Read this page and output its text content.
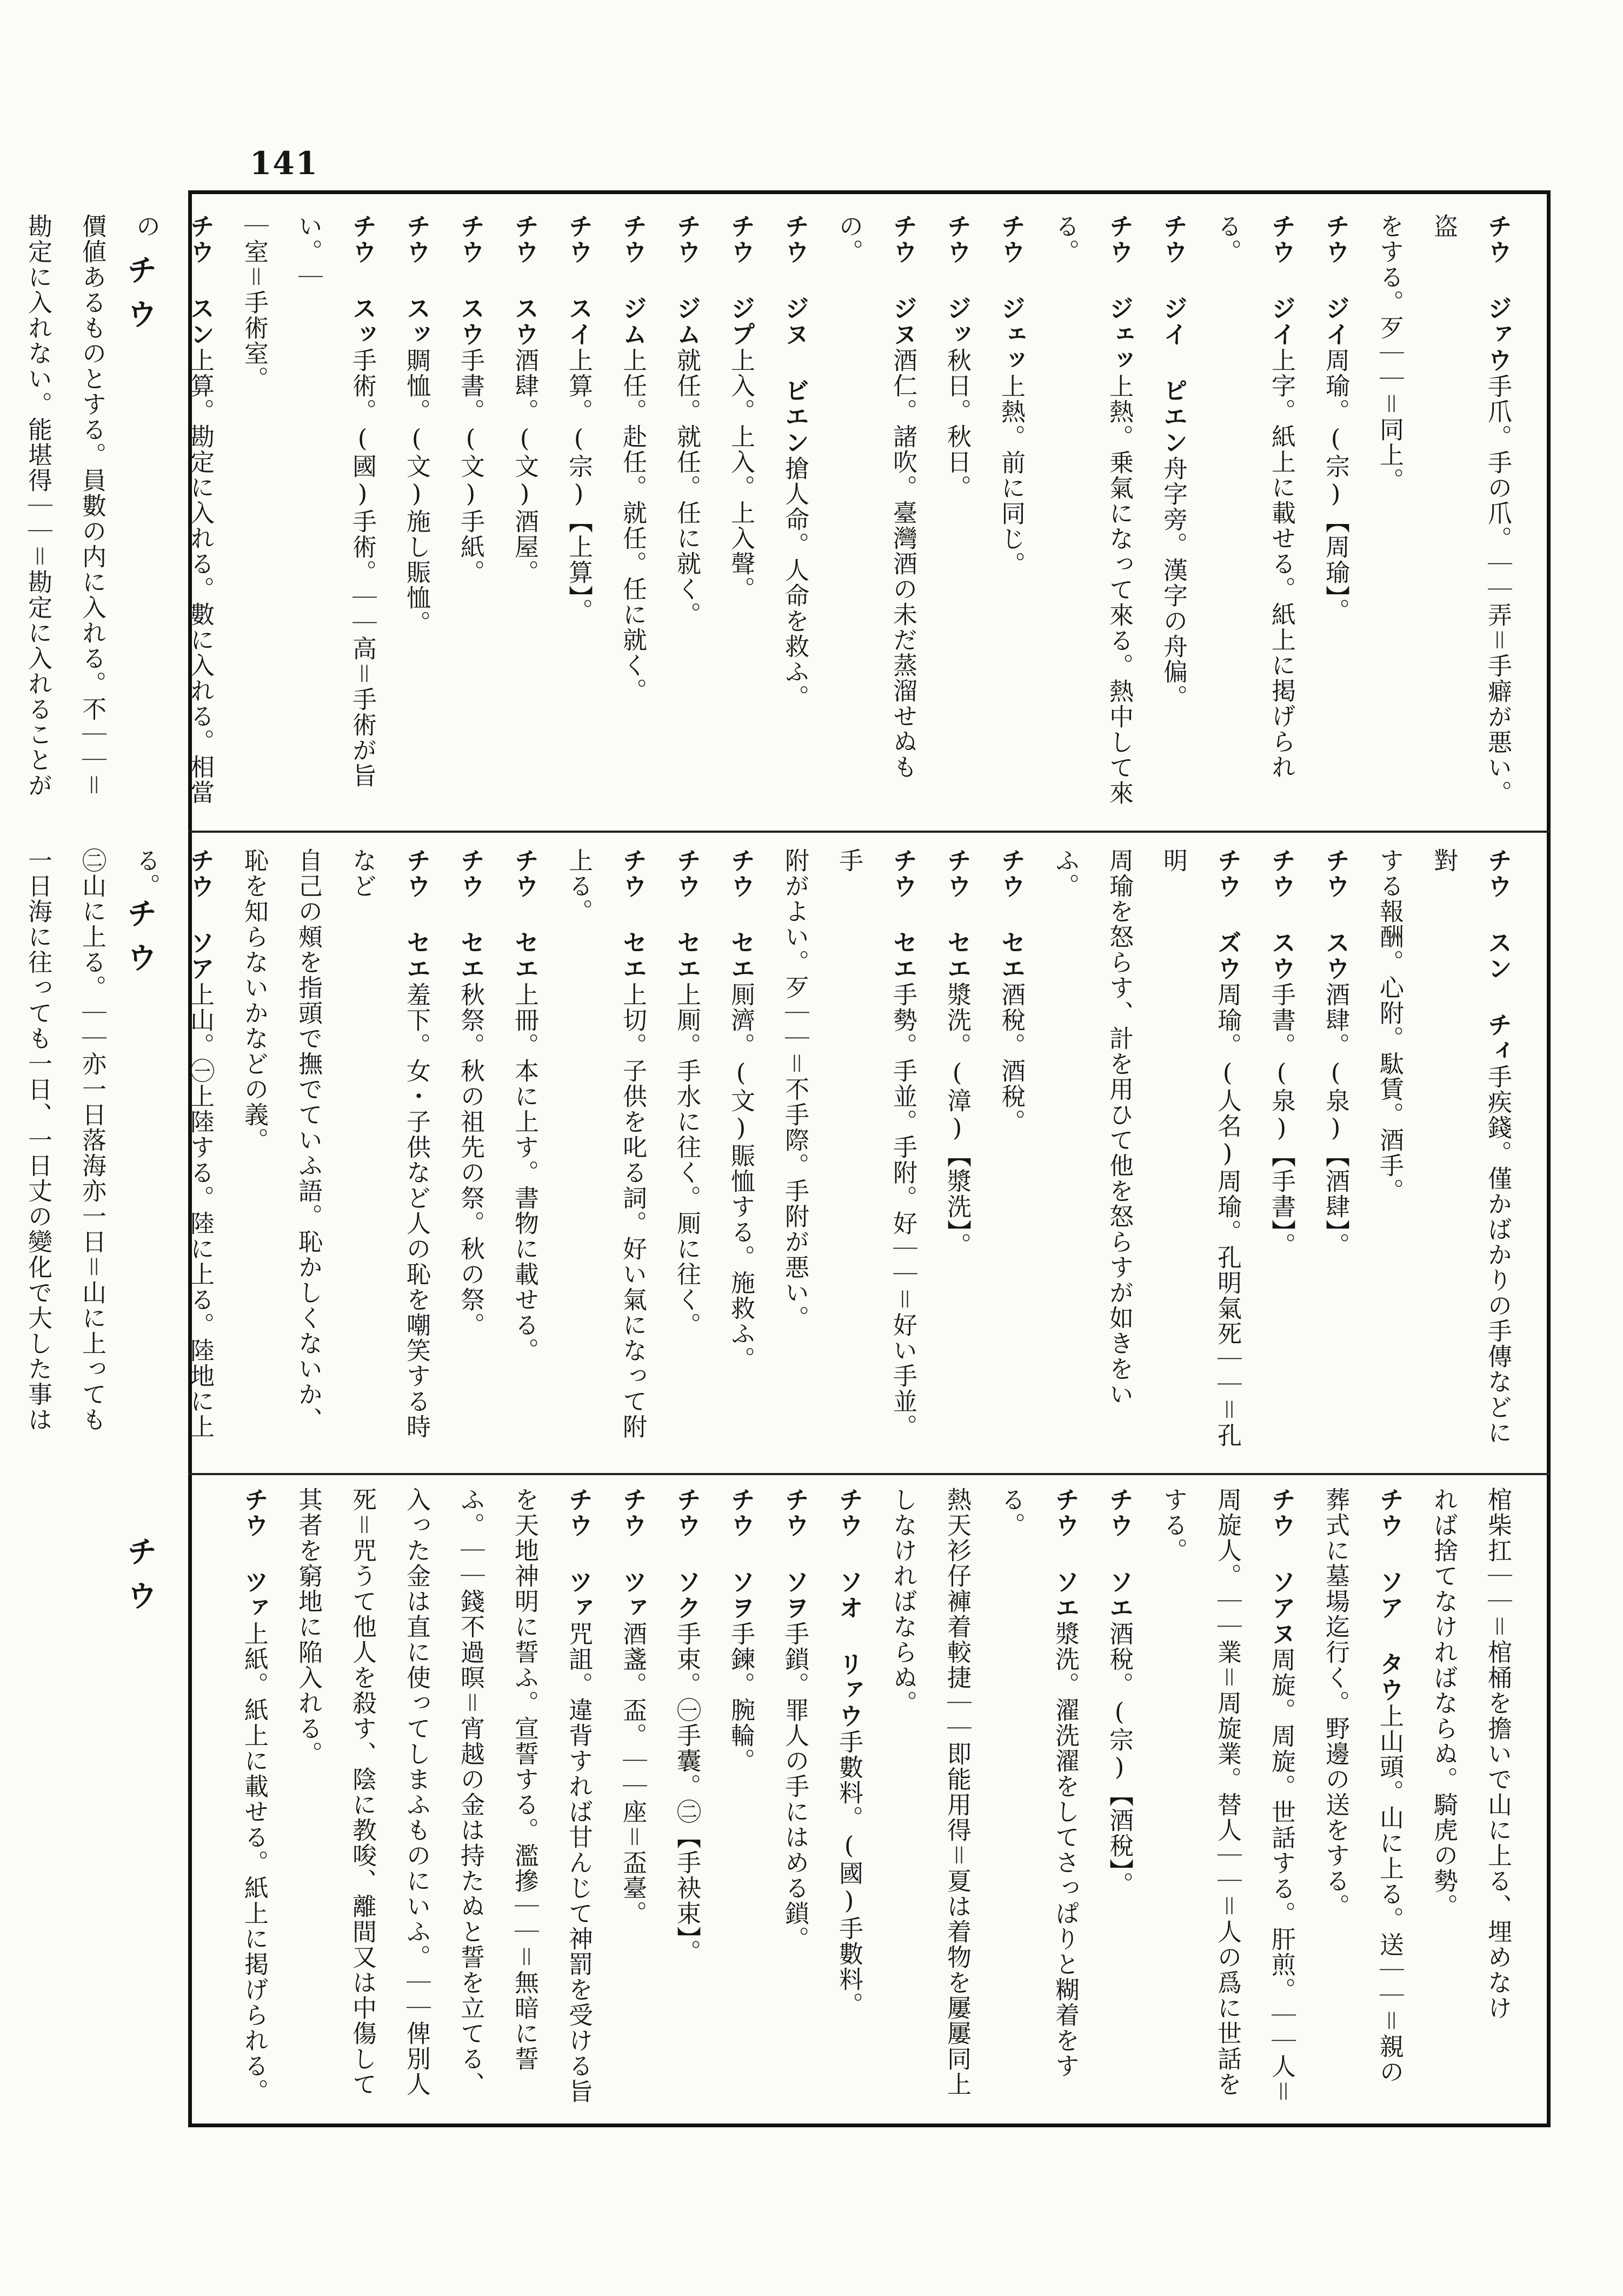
141
チウ
チウ
チウ

チウ ジァウ手爪。手の爪。｜｜弄＝手癖が悪い。盗
をする。歹｜｜＝同上。

チウ ジイ周瑜。(宗)【周瑜】。

チウ ジイ上字。紙上に載せる。紙上に掲げられる。

チウ ジイ ピエン舟字旁。漢字の舟偏。

チウ ジェッ上熱。乗氣になって來る。熱中して來る。

チウ ジェッ上熱。前に同じ。

チウ ジッ秋日。秋日。

チウ ジヌ酒仁。諸吹。臺灣酒の未だ蒸溜せぬもの。

チウ ジヌ ビエン搶人命。人命を救ふ。

チウ ジプ上入。上入。上入聲。

チウ ジム就任。就任。任に就く。

チウ ジム上任。赴任。就任。任に就く。

チウ スイ上算。(宗)【上算】。

チウ スウ酒肆。(文)酒屋。

チウ スウ手書。(文)手紙。

チウ スッ賙恤。(文)施し賑恤。

チウ スッ手術。(國)手術。｜｜高＝手術が旨い。｜
｜室＝手術室。

チウ スン上算。勘定に入れる。數に入れる。相當の
價値あるものとする。員數の内に入れる。不｜｜＝勘定に入れない。能堪得｜｜＝勘定に入れることが

チウ スン チィ手疾錢。僅かばかりの手傳などに對
する報酬。心附。駄賃。酒手。

チウ スウ酒肆。(泉)【酒肆】。

チウ スウ手書。(泉)【手書】。

チウ ズウ周瑜。(人名)周瑜。孔明氣死｜｜＝孔明
周瑜を怒らす、計を用ひて他を怒らすが如きをいふ。

チウ セエ酒稅。酒稅。

チウ セエ漿洗。(漳)【漿洗】。

チウ セエ手勢。手並。手附。好｜｜＝好い手並。手
附がよい。歹｜｜＝不手際。手附が悪い。

チウ セエ厠濟。(文)賑恤する。施救ふ。

チウ セエ上厠。手水に往く。厠に往く。

チウ セエ上切。子供を叱る詞。好い氣になって附上る。

チウ セエ上冊。本に上す。書物に載せる。

チウ セエ秋祭。秋の祖先の祭。秋の祭。

チウ セエ羞下。女・子供など人の恥を嘲笑する時など
自己の頰を指頭で撫でていふ語。恥かしくないか、恥を知らないかなどの義。

チウ ソア上山。㊀上陸する。陸に上る。陸地に上る。
㊁山に上る。｜｜亦一日落海亦一日＝山に上っても一日海に往っても一日、一日丈の變化で大した事は

棺柴扛｜｜＝棺桶を擔いで山に上る、埋めなけ
れば捨てなければならぬ。騎虎の勢。

チウ ソア タウ上山頭。山に上る。送｜｜＝親の
葬式に墓場迄行く。野邊の送をする。

チウ ソアヌ周旋。周旋。世話する。肝煎。｜｜人＝
周旋人。｜｜業＝周旋業。替人｜｜＝人の爲に世話をする。

チウ ソエ酒稅。(宗)【酒稅】。

チウ ソエ漿洗。濯洗濯をしてさっぱりと糊着をする。
熱天衫仔褲着較捷｜｜即能用得＝夏は着物を屢屢同上しなければならぬ。

チウ ソオ リァウ手數料。(國)手數料。

チウ ソヲ手鎖。罪人の手にはめる鎖。

チウ ソヲ手鍊。腕輪。

チウ ソク手束。㊀手囊。㊁【手袂束】。

チウ ツァ酒盞。盃。｜｜座＝盃臺。

チウ ツァ咒詛。違背すれば甘んじて神罰を受ける旨
を天地神明に誓ふ。宣誓する。濫摻｜｜＝無暗に誓ふ。｜｜錢不過暝＝宵越の金は持たぬと誓を立てる、入った金は直に使ってしまふものにいふ。｜｜俾別人死＝咒うて他人を殺す、陰に教唆、離間又は中傷して其者を窮地に陥入れる。

チウ ツァ上紙。紙上に載せる。紙上に掲げられる。
